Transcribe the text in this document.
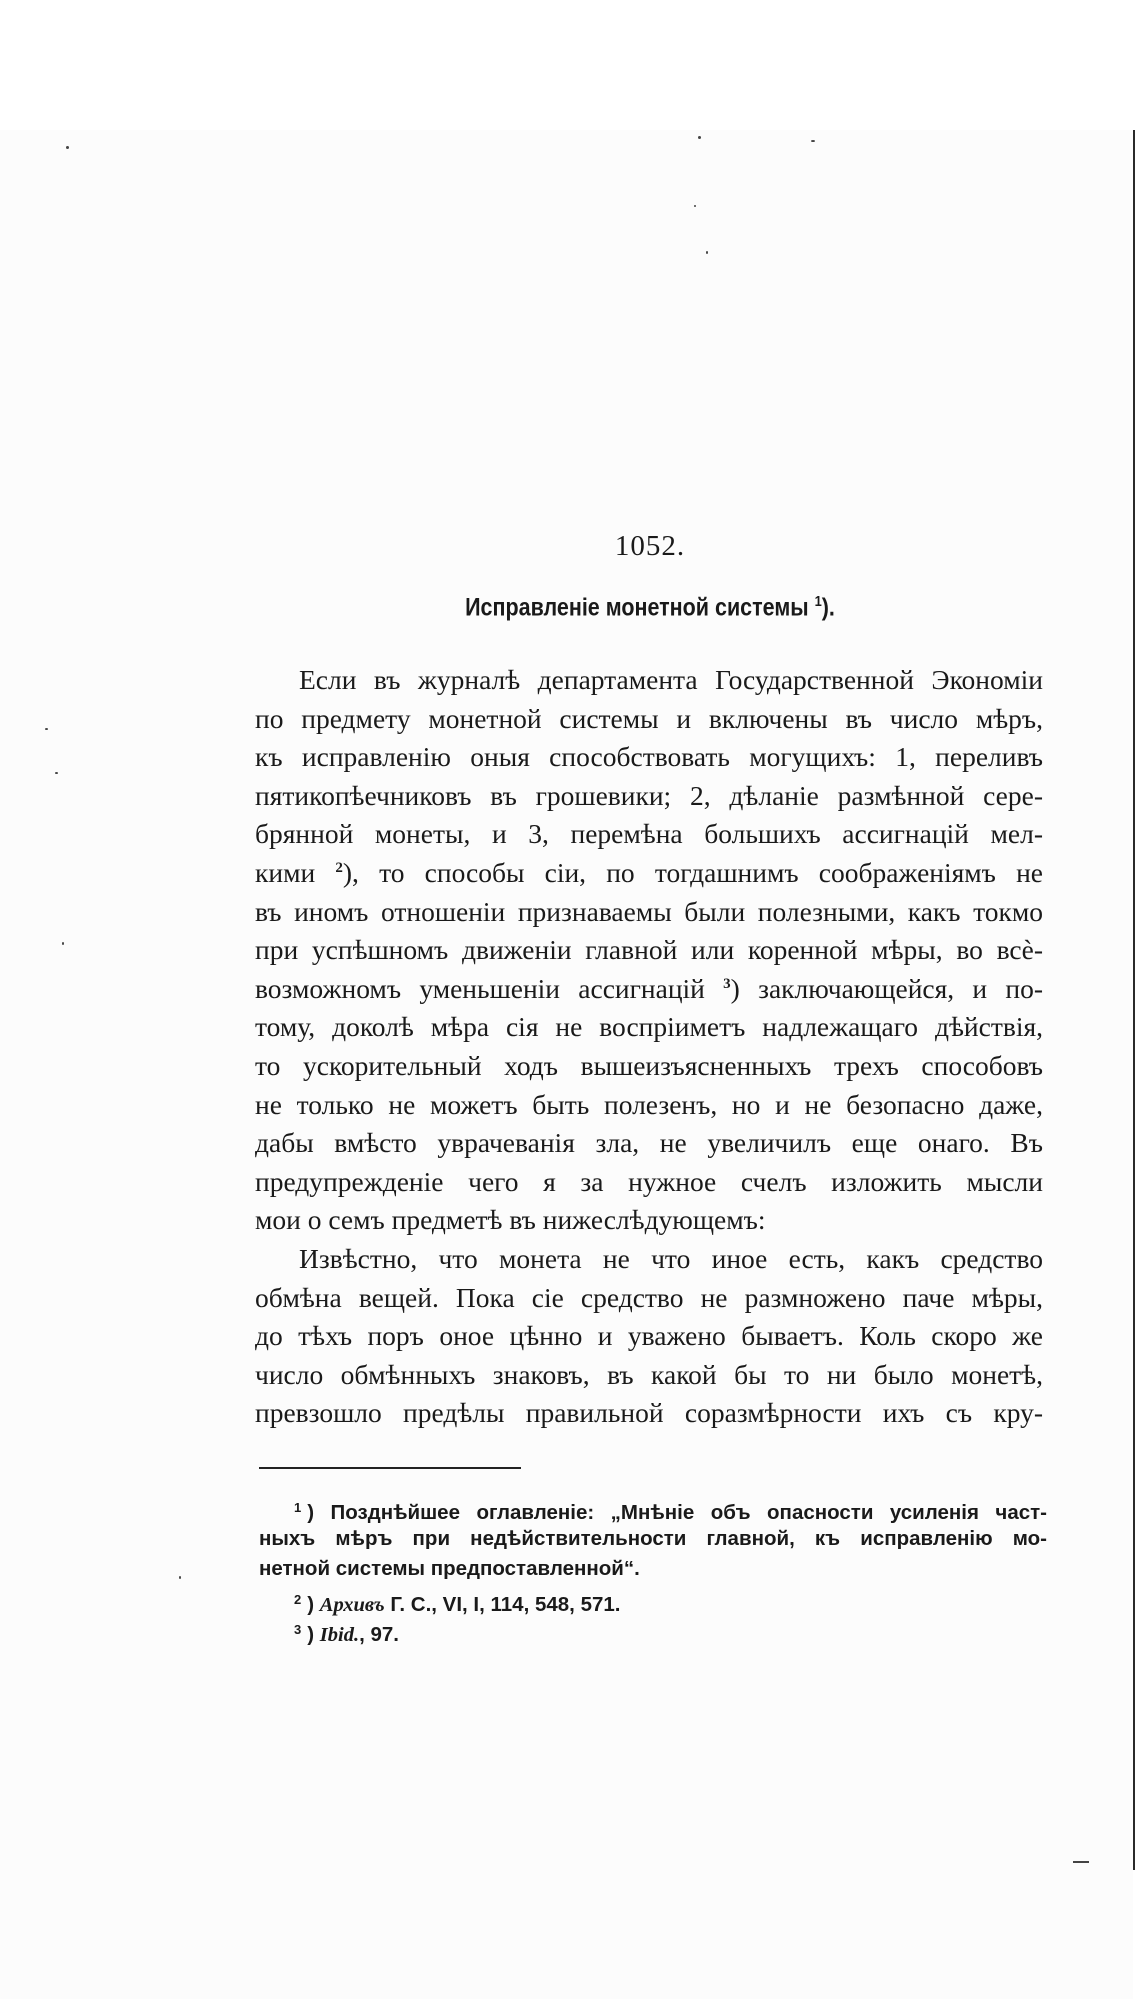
1052.
Исправленіе монетной системы $^1$).
Если въ журналѣ департамента Государственной Экономіи
по предмету монетной системы и включены въ число мѣръ,
къ исправленію оныя способствовать могущихъ: 1, переливъ
пятикопѣечниковъ въ грошевики; 2, дѣланіе размѣнной сере-
брянной монеты, и 3, перемѣна большихъ ассигнацій мел-
кими $^2$), то способы сіи, по тогдашнимъ соображеніямъ не
въ иномъ отношеніи признаваемы были полезными, какъ токмо
при успѣшномъ движеніи главной или коренной мѣры, во всѐ-
возможномъ уменьшеніи ассигнацій $^3$) заключающейся, и по-
тому, доколѣ мѣра сія не воспріиметъ надлежащаго дѣйствія,
то ускорительный ходъ вышеизъясненныхъ трехъ способовъ
не только не можетъ быть полезенъ, но и не безопасно даже,
дабы вмѣсто уврачеванія зла, не увеличилъ еще онаго. Въ
предупрежденіе чего я за нужное счелъ изложить мысли
мои о семъ предметѣ въ нижеслѣдующемъ:
Извѣстно, что монета не что иное есть, какъ средство
обмѣна вещей. Пока сіе средство не размножено паче мѣры,
до тѣхъ поръ оное цѣнно и уважено бываетъ. Коль скоро же
число обмѣнныхъ знаковъ, въ какой бы то ни было монетѣ,
превзошло предѣлы правильной соразмѣрности ихъ съ кру-
$^1$ ) Позднѣйшее оглавленіе: „Мнѣніе объ опасности усиленія част-
ныхъ мѣръ при недѣйствительности главной, къ исправленію мо-
нетной системы предпоставленной“.
$^2$ ) Архивъ Г. С., VI, I, 114, 548, 571.
$^3$ ) Ibid., 97.
